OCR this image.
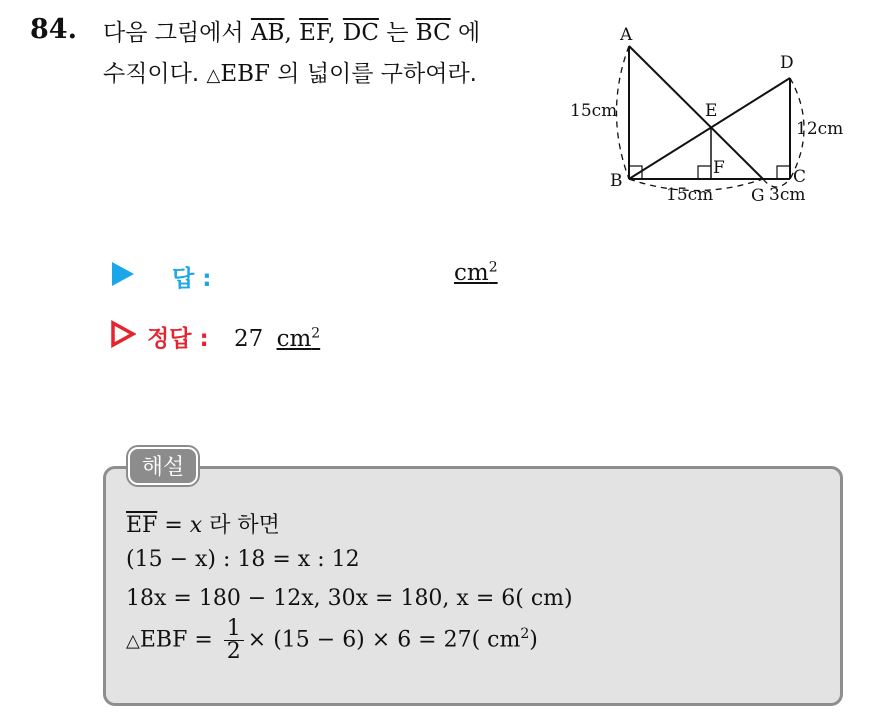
84. 다음 그림에서 $\overline{AB}$, $\overline{EF}$, $\overline{DC}$ 는 $\overline{BC}$ 에
수직이다. △EBF 의 넓이를 구하여라.
A
B	C
D
E
F
G
15cm
12cm
15cm	3cm
답 :	$cm^2$
정답 : 27 $cm^2$
해설
$\overline{EF} = x$ 라 하면
(15 − x) : 18 = x : 12
18x = 180 − 12x, 30x = 180, x = 6( cm)
△EBF = $\frac{1}{2} \times (15 - 6) \times 6 = 27$( $cm^2$)
